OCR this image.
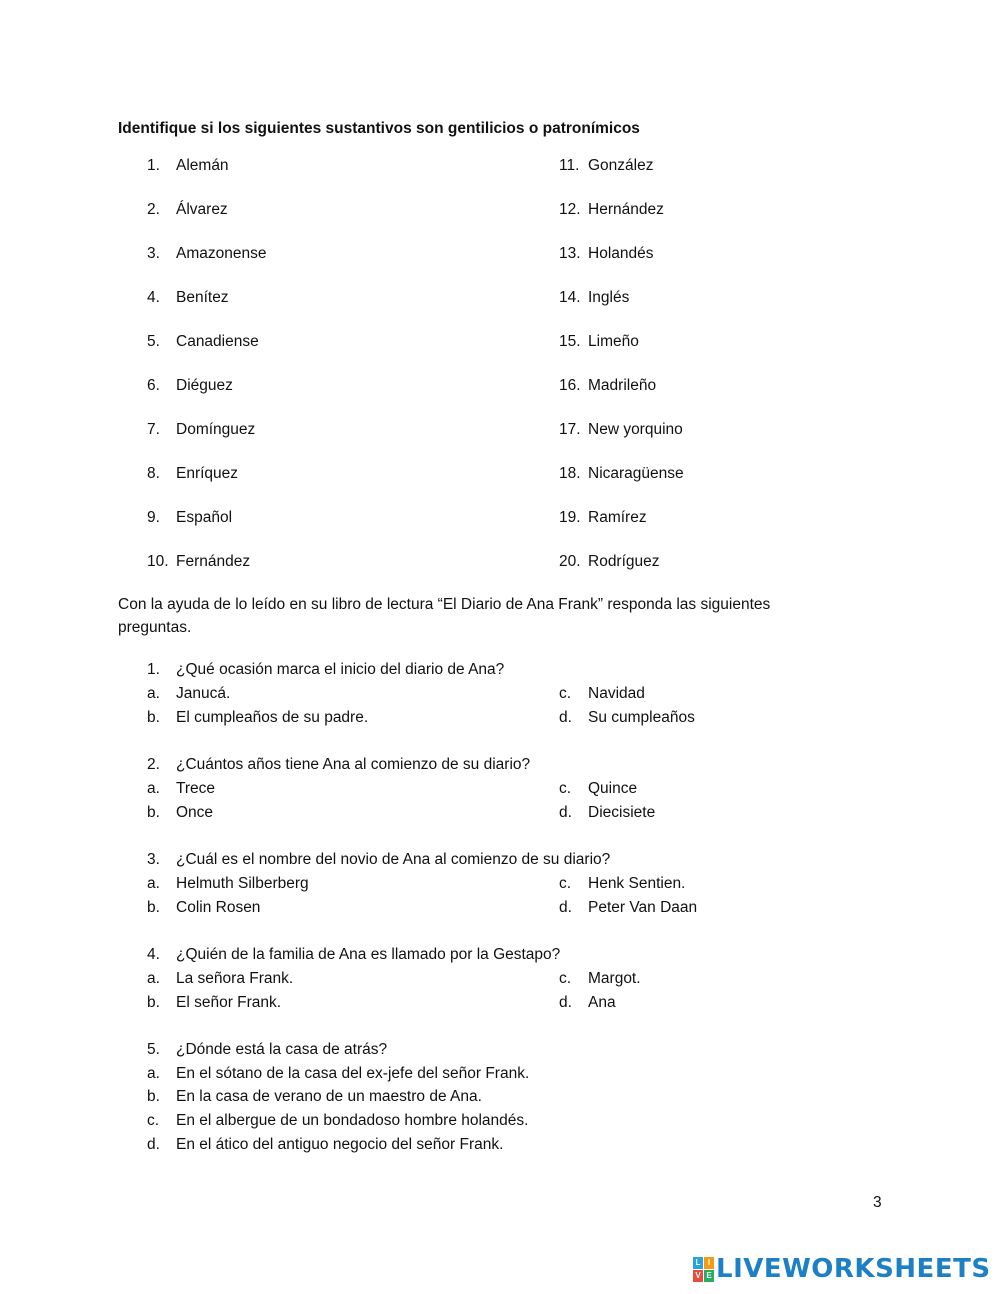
Identifique si los siguientes sustantivos son gentilicios o patronímicos
1. Alemán
2. Álvarez
3. Amazonense
4. Benítez
5. Canadiense
6. Diéguez
7. Domínguez
8. Enríquez
9. Español
10. Fernández
11. González
12. Hernández
13. Holandés
14. Inglés
15. Limeño
16. Madrileño
17. New yorquino
18. Nicaragüense
19. Ramírez
20. Rodríguez
Con la ayuda de lo leído en su libro de lectura “El Diario de Ana Frank” responda las siguientes
preguntas.
1. ¿Qué ocasión marca el inicio del diario de Ana?
a. Janucá.
b. El cumpleaños de su padre.
c. Navidad
d. Su cumpleaños
2. ¿Cuántos años tiene Ana al comienzo de su diario?
a. Trece
b. Once
c. Quince
d. Diecisiete
3. ¿Cuál es el nombre del novio de Ana al comienzo de su diario?
a. Helmuth Silberberg
b. Colin Rosen
c. Henk Sentien.
d. Peter Van Daan
4. ¿Quién de la familia de Ana es llamado por la Gestapo?
a. La señora Frank.
b. El señor Frank.
c. Margot.
d. Ana
5. ¿Dónde está la casa de atrás?
a. En el sótano de la casa del ex-jefe del señor Frank.
b. En la casa de verano de un maestro de Ana.
c. En el albergue de un bondadoso hombre holandés.
d. En el ático del antiguo negocio del señor Frank.
3
L I
V E LIVEWORKSHEETS
